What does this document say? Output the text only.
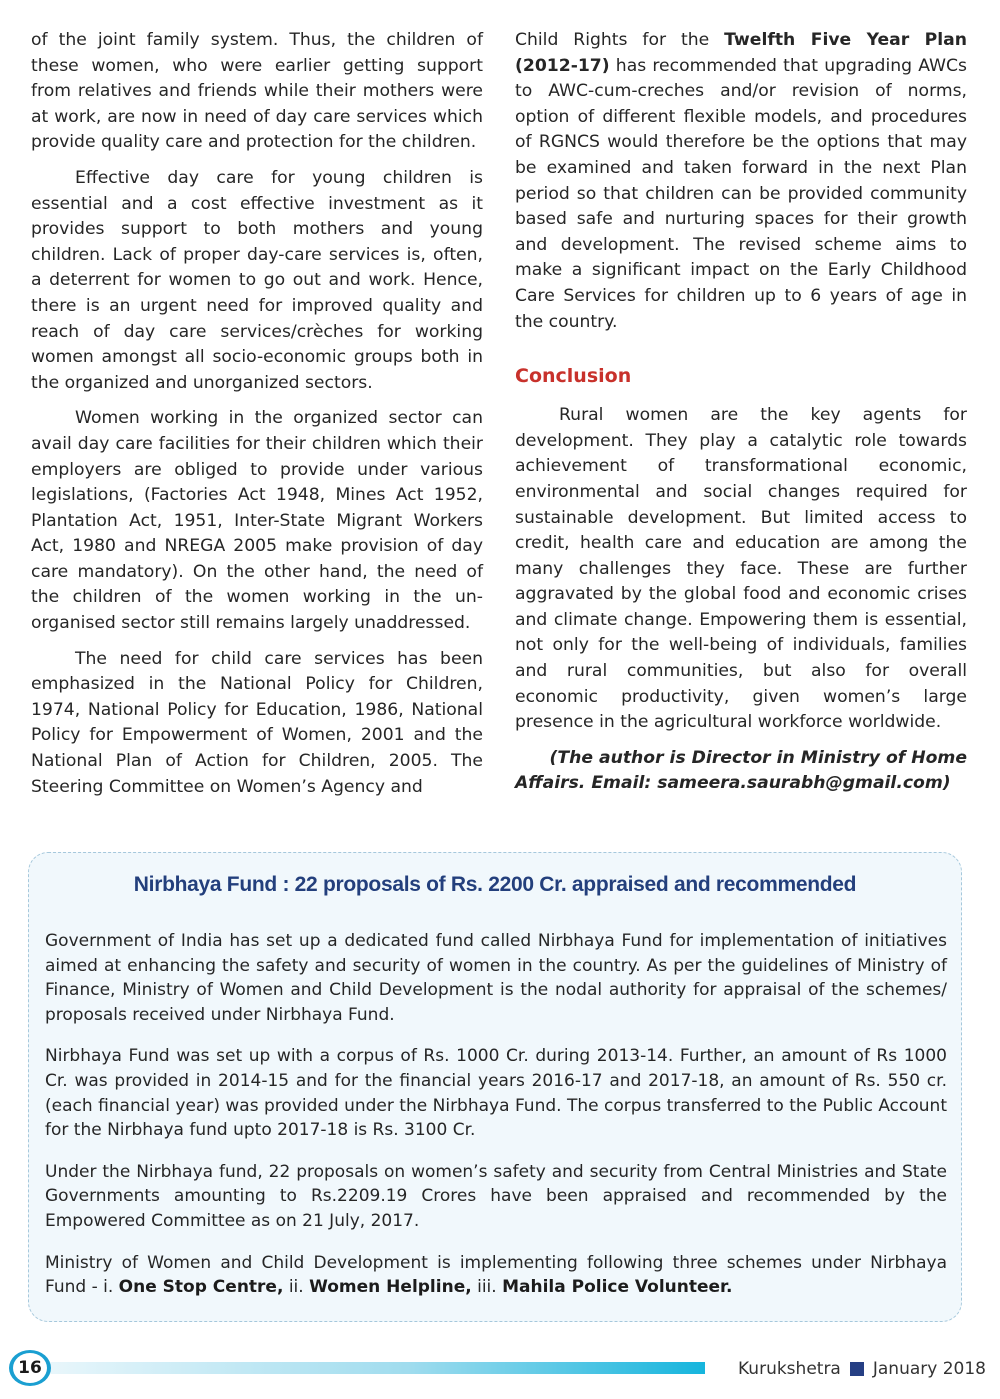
of the joint family system. Thus, the children of these women, who were earlier getting support from relatives and friends while their mothers were at work, are now in need of day care services which provide quality care and protection for the children.

Effective day care for young children is essential and a cost effective investment as it provides support to both mothers and young children. Lack of proper day-care services is, often, a deterrent for women to go out and work. Hence, there is an urgent need for improved quality and reach of day care services/crèches for working women amongst all socio-economic groups both in the organized and unorganized sectors.

Women working in the organized sector can avail day care facilities for their children which their employers are obliged to provide under various legislations, (Factories Act 1948, Mines Act 1952, Plantation Act, 1951, Inter-State Migrant Workers Act, 1980 and NREGA 2005 make provision of day care mandatory). On the other hand, the need of the children of the women working in the un-organised sector still remains largely unaddressed.

The need for child care services has been emphasized in the National Policy for Children, 1974, National Policy for Education, 1986, National Policy for Empowerment of Women, 2001 and the National Plan of Action for Children, 2005. The Steering Committee on Women’s Agency and

Child Rights for the Twelfth Five Year Plan (2012-17) has recommended that upgrading AWCs to AWC-cum-creches and/or revision of norms, option of different flexible models, and procedures of RGNCS would therefore be the options that may be examined and taken forward in the next Plan period so that children can be provided community based safe and nurturing spaces for their growth and development. The revised scheme aims to make a significant impact on the Early Childhood Care Services for children up to 6 years of age in the country.

Conclusion

Rural women are the key agents for development. They play a catalytic role towards achievement of transformational economic, environmental and social changes required for sustainable development. But limited access to credit, health care and education are among the many challenges they face. These are further aggravated by the global food and economic crises and climate change. Empowering them is essential, not only for the well-being of individuals, families and rural communities, but also for overall economic productivity, given women’s large presence in the agricultural workforce worldwide.

(The author is Director in Ministry of Home
Affairs. Email: sameera.saurabh@gmail.com)
Nirbhaya Fund : 22 proposals of Rs. 2200 Cr. appraised and recommended

Government of India has set up a dedicated fund called Nirbhaya Fund for implementation of initiatives aimed at enhancing the safety and security of women in the country. As per the guidelines of Ministry of Finance, Ministry of Women and Child Development is the nodal authority for appraisal of the schemes/ proposals received under Nirbhaya Fund.

Nirbhaya Fund was set up with a corpus of Rs. 1000 Cr. during 2013-14. Further, an amount of Rs 1000 Cr. was provided in 2014-15 and for the financial years 2016-17 and 2017-18, an amount of Rs. 550 cr. (each financial year) was provided under the Nirbhaya Fund. The corpus transferred to the Public Account for the Nirbhaya fund upto 2017-18 is Rs. 3100 Cr.

Under the Nirbhaya fund, 22 proposals on women’s safety and security from Central Ministries and State Governments amounting to Rs.2209.19 Crores have been appraised and recommended by the Empowered Committee as on 21 July, 2017.

Ministry of Women and Child Development is implementing following three schemes under Nirbhaya Fund - i. One Stop Centre, ii. Women Helpline, iii. Mahila Police Volunteer.

16	Kurukshetra January 2018
